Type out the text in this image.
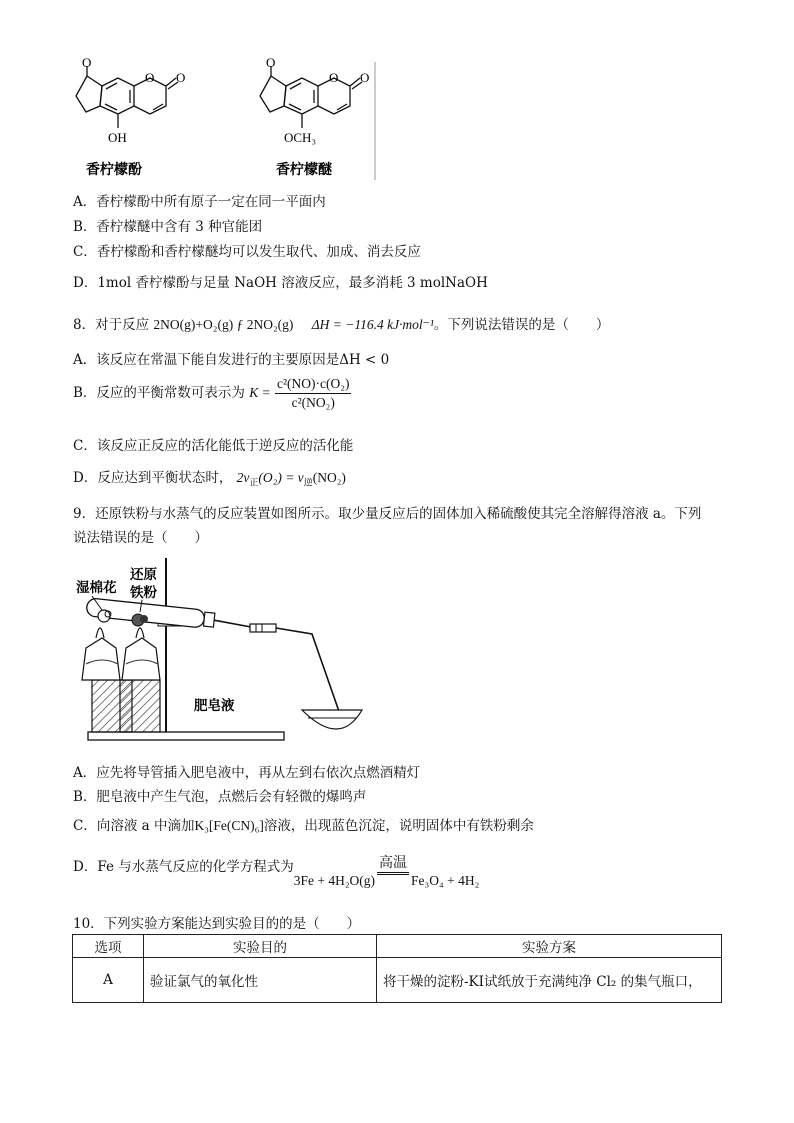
O
O O
OH
香柠檬酚
O
O O
OCH₃
香柠檬醚
A．香柠檬酚中所有原子一定在同一平面内
B．香柠檬醚中含有 3 种官能团
C．香柠檬酚和香柠檬醚均可以发生取代、加成、消去反应
D．1mol 香柠檬酚与足量 NaOH 溶液反应，最多消耗 3 molNaOH
8．对于反应 2NO(g)+O₂(g) ƒ 2NO₂(g) ΔH = −116.4 kJ·mol⁻¹。下列说法错误的是（　　）
A．该反应在常温下能自发进行的主要原因是ΔH < 0
B．反应的平衡常数可表示为 $K = \frac{\text{c²(NO)·c(O₂)}}{\text{c²(NO₂)}}$
C．该反应正反应的活化能低于逆反应的活化能
D．反应达到平衡状态时， $2v_正(O_2) = v_逆(NO_2)$
9．还原铁粉与水蒸气的反应装置如图所示。取少量反应后的固体加入稀硫酸使其完全溶解得溶液 a。下列
说法错误的是（　　）
湿棉花
还原
铁粉
肥皂液
A．应先将导管插入肥皂液中，再从左到右依次点燃酒精灯
B．肥皂液中产生气泡，点燃后会有轻微的爆鸣声
C．向溶液 a 中滴加K₃[Fe(CN)₆]溶液，出现蓝色沉淀，说明固体中有铁粉剩余
D．Fe 与水蒸气反应的化学方程式为3Fe + 4H₂O(g)
高温
Fe₃O₄ + 4H₂
10．下列实验方案能达到实验目的的是（　　）
选项	实验目的	实验方案
A	验证氯气的氧化性	将干燥的淀粉-KI试纸放于充满纯净 Cl₂ 的集气瓶口，
